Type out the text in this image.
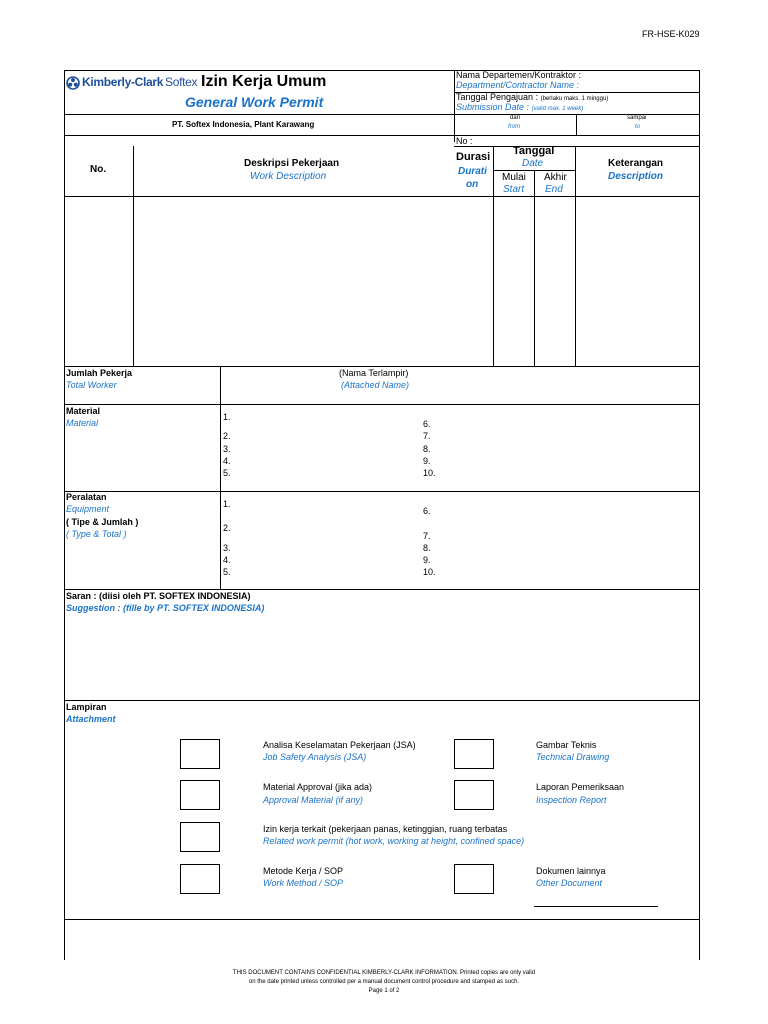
FR-HSE-K029
Kimberly-Clark Softex Izin Kerja Umum
General Work Permit
Nama Departemen/Kontraktor :
Department/Contractor Name :
Tanggal Pengajuan : (berlaku maks. 1 minggu)
Submission Date : (valid max. 1 week)
PT. Softex Indonesia, Plant Karawang
dari
from
sampai
to
No :
No.
Deskripsi Pekerjaan
Work Description
Durasi
Durati
on
Tanggal
Date
Mulai
Start
Akhir
End
Keterangan
Description
Jumlah Pekerja
Total Worker
(Nama Terlampir)
(Attached Name)
Material
Material
1.
2.
3.
4.
5.
6.
7.
8.
9.
10.
Peralatan
Equipment
( Tipe & Jumlah )
( Type & Total )
1.
2.
3.
4.
5.
6.
7.
8.
9.
10.
Saran : (diisi oleh PT. SOFTEX INDONESIA)
Suggestion : (fille by PT. SOFTEX INDONESIA)
Lampiran
Attachment
Analisa Keselamatan Pekerjaan (JSA)
Job Safety Analysis (JSA)
Material Approval (jika ada)
Approval Material (if any)
Izin kerja terkait (pekerjaan panas, ketinggian, ruang terbatas
Related work permit (hot work, working at height, confined space)
Metode Kerja / SOP
Work Method / SOP
Gambar Teknis
Technical Drawing
Laporan Pemeriksaan
Inspection Report
Dokumen lainnya
Other Document
THIS DOCUMENT CONTAINS CONFIDENTIAL KIMBERLY-CLARK INFORMATION. Printed copies are only valid
on the date printed unless controlled per a manual document control procedure and stamped as such.
Page 1 of 2
